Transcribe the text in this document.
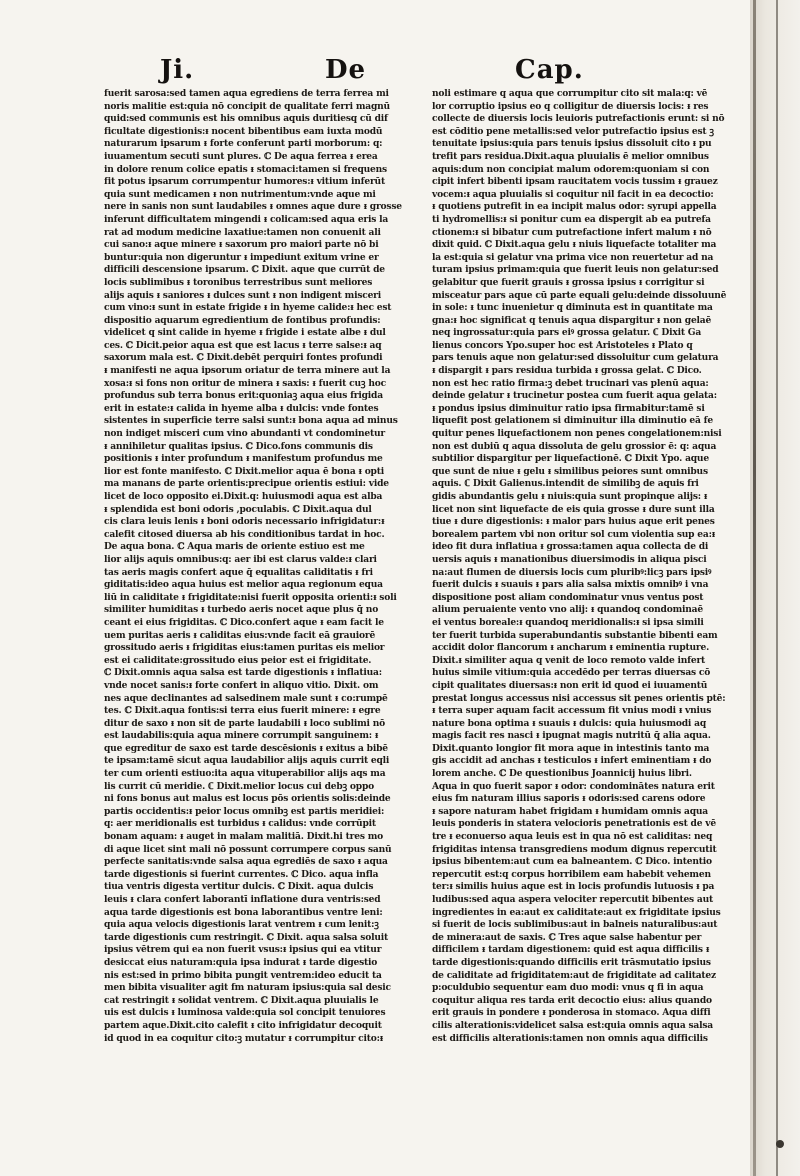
Ji.	De	Cap.
fuerit sarosa:sed tamen aqua egrediens de terra ferrea mi
noris malitie est:quia nō concipit de qualitate ferri magnū
quid:sed communis est his omnibus aquis duritiesq cū dif
ficultate digestionis:ᵻ nocent bibentibus eam iuxta modū
naturarum ipsarum ᵻ forte conferunt parti morborum: q:
iuuamentum secuti sunt plures. ℂ De aqua ferrea ᵻ erea
in dolore renum colice epatis ᵻ stomaci:tamen si frequens
fit potus ipsarum corrumpentur humores:ᵻ vitium inferūt
quia sunt medicamen ᵻ non nutrimentum:vnde aque mi
nere in sanis non sunt laudabiles ᵻ omnes aque dure ᵻ grosse
inferunt difficultatem mingendi ᵻ colicam:sed aqua eris la
rat ad modum medicine laxatiue:tamen non conuenit ali
cui sano:ᵻ aque minere ᵻ saxorum pro maiori parte nō bi
buntur:quia non digeruntur ᵻ impediunt exitum vrine er
difficili descensione ipsarum. ℂ Dixit. aque que currūt de
locis sublimibus ᵻ toronibus terrestribus sunt meliores
alijs aquis ᵻ saniores ᵻ dulces sunt ᵻ non indigent misceri
cum vino:ᵻ sunt in estate frigide ᵻ in hyeme calide:ᵻ hec est
dispositio aquarum egredientium de fontibus profundis:
videlicet q sint calide in hyeme ᵻ frigide i estate albe ᵻ dul
ces. ℂ Dicit.peior aqua est que est lacus ᵻ terre salse:ᵻ aq
saxorum mala est. ℂ Dixit.debēt perquiri fontes profundi
ᵻ manifesti ne aqua ipsorum oriatur de terra minere aut la
xosa:ᵻ si fons non oritur de minera ᵻ saxis: ᵻ fuerit cuꝫ hoc
profundus sub terra bonus erit:quoniaꝫ aqua eius frigida
erit in estate:ᵻ calida in hyeme alba ᵻ dulcis: vnde fontes
sistentes in superficie terre salsi sunt:ᵻ bona aqua ad minus
non indiget misceri cum vino abundanti vt condominetur
ᵻ annihiletur qualitas ipsius. ℂ Dico.fons communis dis
positionis ᵻ inter profundum ᵻ manifestum profundus me
lior est fonte manifesto. ℂ Dixit.melior aqua ē bona ᵻ opti
ma manans de parte orientis:precipue orientis estiui: vide
licet de loco opposito ei.Dixit.q: huiusmodi aqua est alba
ᵻ splendida est boni odoris ,poculabis. ℂ Dixit.aqua dul
cis clara leuis lenis ᵻ boni odoris necessario infrigidatur:ᵻ
calefit citosed diuersa ab his conditionibus tardat in hoc.
De aqua bona. ℂ Aqua maris de oriente estiuo est me
lior alijs aquis omnibus:q: aer ibi est clarus valde:ᵻ clari
tas aeris magis confert aque q̄ equalitas caliditatis ᵻ fri
giditatis:ideo aqua huius est melior aqua regionum equa
liū in caliditate ᵻ frigiditate:nisi fuerit opposita orienti:ᵻ soli
similiter humiditas ᵻ turbedo aeris nocet aque plus q̄ no
ceant ei eius frigiditas. ℂ Dico.confert aque ᵻ eam facit le
uem puritas aeris ᵻ caliditas eius:vnde facit eā grauiorē
grossitudo aeris ᵻ frigiditas eius:tamen puritas eis melior
est ei caliditate:grossitudo eius peior est ei frigiditate.
ℂ Dixit.omnis aqua salsa est tarde digestionis ᵻ inflatiua:
vnde nocet sanis:ᵻ forte confert in aliquo vitio. Dixit. om
nes aque declinantes ad salsedinem male sunt ᵻ co:rumpē
tes. ℂ Dixit.aqua fontis:si terra eius fuerit minere: ᵻ egre
ditur de saxo ᵻ non sit de parte laudabili ᵻ loco sublimi nō
est laudabilis:quia aqua minere corrumpit sanguinem: ᵻ
que egreditur de saxo est tarde descēsionis ᵻ exitus a bibē
te ipsam:tamē sicut aqua laudabilior alijs aquis currit eqli
ter cum orienti estiuo:ita aqua vituperabilior alijs aqs ma
lis currit cū meridie. ℂ Dixit.melior locus cui debꝫ oppo
ni fons bonus aut malus est locus pōs orientis solis:deinde
partis occidentis:ᵻ peior locus omnibꝫ est partis meridiei:
q: aer meridionalis est turbidus ᵻ calidus: vnde corrūpit
bonam aquam: ᵻ auget in malam malitiā. Dixit.hi tres mo
di aque licet sint mali nō possunt corrumpere corpus sanū
perfecte sanitatis:vnde salsa aqua egrediēs de saxo ᵻ aqua
tarde digestionis si fuerint currentes. ℂ Dico. aqua infla
tiua ventris digesta vertitur dulcis. ℂ Dixit. aqua dulcis
leuis ᵻ clara confert laborantī inflatione dura ventris:sed
aqua tarde digestionis est bona laborantibus ventre leni:
quia aqua velocis digestionis larat ventrem ᵻ cum lenit:ꝫ
tarde digestionis cum restringit. ℂ Dixit. aqua salsa soluit
ipsius vētrem qui ea non fuerit vsus:ᵻ ipsius qui ea vtitur
desiccat eius naturam:quia ipsa indurat ᵻ tarde digestio
nis est:sed in primo bibita pungit ventrem:ideo educit ta
men bibita visualiter agit fm naturam ipsius:quia sal desic
cat restringit ᵻ solidat ventrem. ℂ Dixit.aqua pluuialis le
uis est dulcis ᵻ luminosa valde:quia sol concipit tenuiores
partem aque.Dixit.cito calefit ᵻ cito infrigidatur decoquit
id quod in ea coquitur cito:ꝫ mutatur ᵻ corrumpitur cito:ᵻ
noli estimare q aqua que corrumpitur cito sit mala:q: vē
lor corruptio ipsius eo q colligitur de diuersis locis: ᵻ res
collecte de diuersis locis leuioris putrefactionis erunt: si nō
est cōditio pene metallis:sed velor putrefactio ipsius est ꝫ
tenuitate ipsius:quia pars tenuis ipsius dissoluit cito ᵻ pu
trefit pars residua.Dixit.aqua pluuialis ē melior omnibus
aquis:dum non concipiat malum odorem:quoniam si con
cipit infert bibenti ipsam raucitatem vocis tussim ᵻ grauez
vocem:ᵻ aqua pluuialis si coquitur nil facit in ea decoctio:
ᵻ quotiens putrefit in ea incipit malus odor: syrupi appella
ti hydromellis:ᵻ si ponitur cum ea dispergit ab ea putrefa
ctionem:ᵻ si bibatur cum putrefactione infert malum ᵻ nō
dixit quid. ℂ Dixit.aqua gelu ᵻ niuis liquefacte totaliter ma
la est:quia si gelatur vna prima vice non reuertetur ad na
turam ipsius primam:quia que fuerit leuis non gelatur:sed
gelabitur que fuerit grauis ᵻ grossa ipsius ᵻ corrigitur si
misceatur pars aque cū parte equali gelu:deinde dissoluunē
in sole: ᵻ tunc inuenietur q diminuta est in quantitate ma
gna:ᵻ hoc significat q tenuis aqua dispargitur ᵻ non gelaē
neq ingrossatur:quia pars eiꝰ grossa gelatur. ℂ Dixit Ga
lienus concors Ypo.super hoc est Aristoteles ᵻ Plato q
pars tenuis aque non gelatur:sed dissoluitur cum gelatura
ᵻ dispargit ᵻ pars residua turbida ᵻ grossa gelat. ℂ Dico.
non est hec ratio firma:ꝫ debet trucinari vas plenū aqua:
deinde gelatur ᵻ trucinetur postea cum fuerit aqua gelata:
ᵻ pondus ipsius diminuitur ratio ipsa firmabitur:tamē si
liquefit post gelationem si diminuitur illa diminutio eā fe
quitur penes liquefactionem non penes congelationem:nisi
non est dubiū q aqua dissoluta de gelu grossior ē: q: aqua
subtilior dispargitur per liquefactionē. ℂ Dixit Ypo. aque
que sunt de niue ᵻ gelu ᵻ similibus peiores sunt omnibus
aquis. ℂ Dixit Galienus.intendit de similibꝫ de aquis fri
gidis abundantis gelu ᵻ niuis:quia sunt propinque alijs: ᵻ
licet non sint liquefacte de eis quia grosse ᵻ dure sunt illa
tiue ᵻ dure digestionis: ᵻ malor pars huius aque erit penes
borealem partem vbi non oritur sol cum violentia sup ea:ᵻ
ideo fit dura inflatiua ᵻ grossa:tamen aqua collecta de di
uersis aquis ᵻ manationibus diuersimodis in aliqua pisci
na:aut flumen de diuersis locis cum pluribꝰ:licꝫ pars ipsiꝰ
fuerit dulcis ᵻ suauis ᵻ pars alia salsa mixtis omnibꝰ i vna
dispositione post aliam condominatur vnus ventus post
alium peruaiente vento vno alij: ᵻ quandoq condominaē
ei ventus boreale:ᵻ quandoq meridionalis:ᵻ si ipsa simili
ter fuerit turbida superabundantis substantie bibenti eam
accidit dolor flancorum ᵻ ancharum ᵻ eminentia rupture.
Dixit.ᵻ similiter aqua q venit de loco remoto valde infert
huius simile vitium:quia accedēdo per terras diuersas cō
cipit qualitates diuersas:ᵻ non erit id quod ei iuuamentū
prestat longus accessus nisi accessus sit penes orientis ptē:
ᵻ terra super aquam facit accessum fit vnius modi ᵻ vnius
nature bona optima ᵻ suauis ᵻ dulcis: quia huiusmodi aq
magis facit res nasci ᵻ ipugnat magis nutritū q̄ alia aqua.
Dixit.quanto longior fit mora aque in intestinis tanto ma
gis accidit ad anchas ᵻ testiculos ᵻ infert eminentiam ᵻ do
lorem anche. ℂ De questionibus Joannicij huius libri.
Aqua in quo fuerit sapor ᵻ odor: condominātes natura erit
eius fm naturam illius saporis ᵻ odoris:sed carens odore
ᵻ sapore naturam habet frigidam ᵻ humidam omnis aqua
leuis ponderis in statera velocioris penetrationis est de vē
tre ᵻ econuerso aqua leuis est in qua nō est caliditas: neq
frigiditas intensa transgrediens modum dignus repercutit
ipsius bibentem:aut cum ea balneantem. ℂ Dico. intentio
repercutit est:q corpus horribilem eam habebit vehemen
ter:ᵻ similis huius aque est in locis profundis lutuosis ᵻ pa
ludibus:sed aqua aspera velociter repercutit bibentes aut
ingredientes in ea:aut ex caliditate:aut ex frigiditate ipsius
si fuerit de locis sublimibus:aut in balneis naturalibus:aut
de minera:aut de saxis. ℂ Tres aque salse habentur per
difficilem ᵻ tardam digestionem: quid est aqua difficilis ᵻ
tarde digestionis:quando difficilis erit trāsmutatio ipsius
de caliditate ad frigiditatem:aut de frigiditate ad calitatez
p:oculdubio sequentur eam duo modi: vnus q fi in aqua
coquitur aliqua res tarda erit decoctio eius: alius quando
erit grauis in pondere ᵻ ponderosa in stomaco. Aqua diffi
cilis alterationis:videlicet salsa est:quia omnis aqua salsa
est difficilis alterationis:tamen non omnis aqua difficilis
